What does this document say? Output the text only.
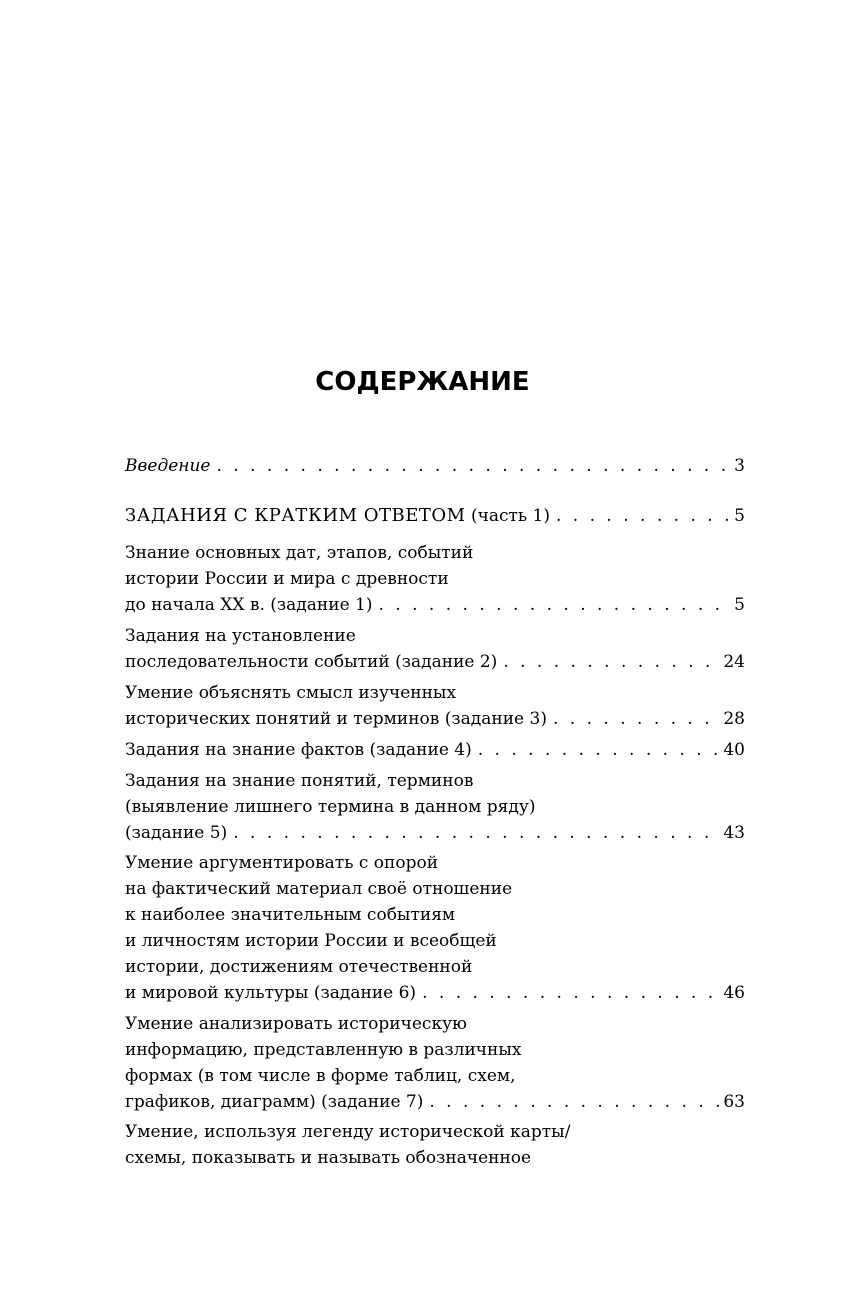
СОДЕРЖАНИЕ
Введение . . .	3
ЗАДАНИЯ С КРАТКИМ ОТВЕТОМ (часть 1) . . .	5
Знание основных дат, этапов, событий
истории России и мира с древности
до начала XX в. (задание 1) . . .	5
Задания на установление
последовательности событий (задание 2) . . .	24
Умение объяснять смысл изученных
исторических понятий и терминов (задание 3) . . .	28
Задания на знание фактов (задание 4) . . .	40
Задания на знание понятий, терминов
(выявление лишнего термина в данном ряду)
(задание 5) . . .	43
Умение аргументировать с опорой
на фактический материал своё отношение
к наиболее значительным событиям
и личностям истории России и всеобщей
истории, достижениям отечественной
и мировой культуры (задание 6) . . .	46
Умение анализировать историческую
информацию, представленную в различных
формах (в том числе в форме таблиц, схем,
графиков, диаграмм) (задание 7) . . .	63
Умение, используя легенду исторической карты/
схемы, показывать и называть обозначенное
